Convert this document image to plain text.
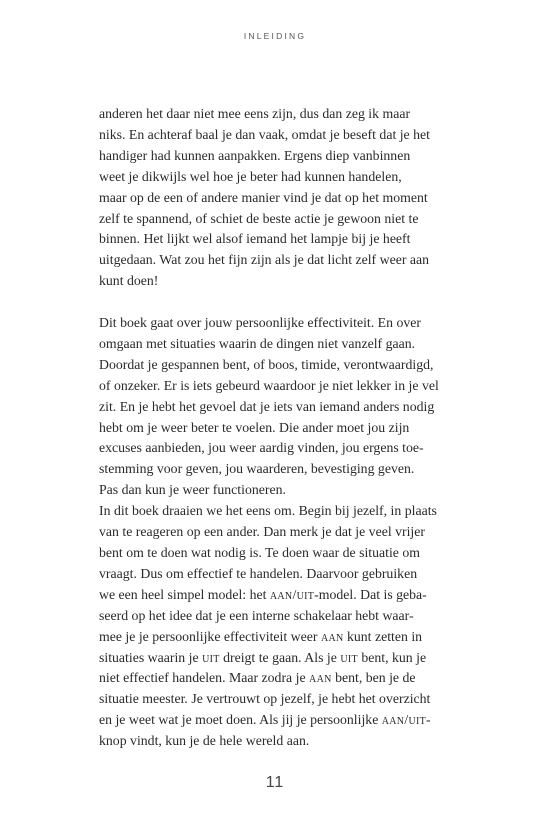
INLEIDING
anderen het daar niet mee eens zijn, dus dan zeg ik maar
niks. En achteraf baal je dan vaak, omdat je beseft dat je het
handiger had kunnen aanpakken. Ergens diep vanbinnen
weet je dikwijls wel hoe je beter had kunnen handelen,
maar op de een of andere manier vind je dat op het moment
zelf te spannend, of schiet de beste actie je gewoon niet te
binnen. Het lijkt wel alsof iemand het lampje bij je heeft
uitgedaan. Wat zou het fijn zijn als je dat licht zelf weer aan
kunt doen!
Dit boek gaat over jouw persoonlijke effectiviteit. En over
omgaan met situaties waarin de dingen niet vanzelf gaan.
Doordat je gespannen bent, of boos, timide, verontwaardigd,
of onzeker. Er is iets gebeurd waardoor je niet lekker in je vel
zit. En je hebt het gevoel dat je iets van iemand anders nodig
hebt om je weer beter te voelen. Die ander moet jou zijn
excuses aanbieden, jou weer aardig vinden, jou ergens toe-
stemming voor geven, jou waarderen, bevestiging geven.
Pas dan kun je weer functioneren.
In dit boek draaien we het eens om. Begin bij jezelf, in plaats
van te reageren op een ander. Dan merk je dat je veel vrijer
bent om te doen wat nodig is. Te doen waar de situatie om
vraagt. Dus om effectief te handelen. Daarvoor gebruiken
we een heel simpel model: het aan/uit-model. Dat is geba-
seerd op het idee dat je een interne schakelaar hebt waar-
mee je je persoonlijke effectiviteit weer aan kunt zetten in
situaties waarin je uit dreigt te gaan. Als je uit bent, kun je
niet effectief handelen. Maar zodra je aan bent, ben je de
situatie meester. Je vertrouwt op jezelf, je hebt het overzicht
en je weet wat je moet doen. Als jij je persoonlijke aan/uit-
knop vindt, kun je de hele wereld aan.
11
